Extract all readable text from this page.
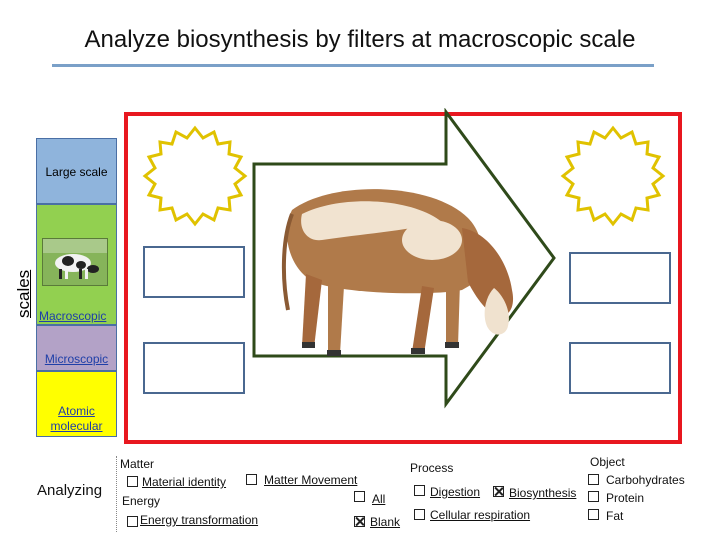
Analyze biosynthesis by filters at macroscopic scale
scales
Large scale
Macroscopic
Microscopic
Atomic molecular
Analyzing
Matter
Material identity	Matter Movement
Energy	All
Energy transformation	Blank
Process
Digestion Biosynthesis
Cellular respiration
Object
Carbohydrates
Protein
Fat
